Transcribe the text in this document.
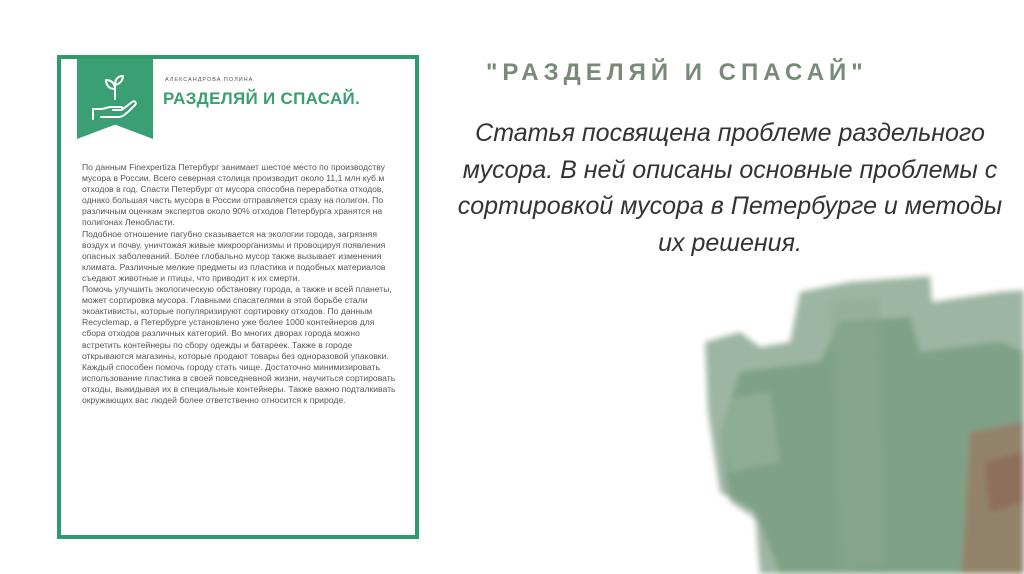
АЛЕКСАНДРОВА ПОЛИНА
РАЗДЕЛЯЙ И СПАСАЙ.

По данным Finexpertiza Петербург занимает шестое место по производству мусора в России. Всего северная столица производит около 11,1 млн куб.м отходов в год. Спасти Петербург от мусора способна переработка отходов, однако большая часть мусора в России отправляется сразу на полигон. По различным оценкам экспертов около 90% отходов Петербурга хранятся на полигонах Ленобласти.

Подобное отношение пагубно сказывается на экологии города, загрязняя воздух и почву, уничтожая живые микроорганизмы и провоцируя появления опасных заболеваний. Более глобально мусор также вызывает изменения климата. Различные мелкие предметы из пластика и подобных материалов съедают животные и птицы, что приводит к их смерти.

Помочь улучшить экологическую обстановку города, а также и всей планеты, может сортировка мусора. Главными спасателями в этой борьбе стали экоактивисты, которые популяризируют сортировку отходов. По данным Recyclemap, в Петербурге установлено уже более 1000 контейнеров для сбора отходов различных категорий. Во многих дворах города можно встретить контейнеры по сбору одежды и батареек. Также в городе открываются магазины, которые продают товары без одноразовой упаковки.

Каждый способен помочь городу стать чище. Достаточно минимизировать использование пластика в своей повседневной жизни, научиться сортировать отходы, выкидывая их в специальные контейнеры. Также важно подталкивать окружающих вас людей более ответственно относится к природе.

"РАЗДЕЛЯЙ И СПАСАЙ"
Статья посвящена проблеме раздельного мусора. В ней описаны основные проблемы с сортировкой мусора в Петербурге и методы их решения.
